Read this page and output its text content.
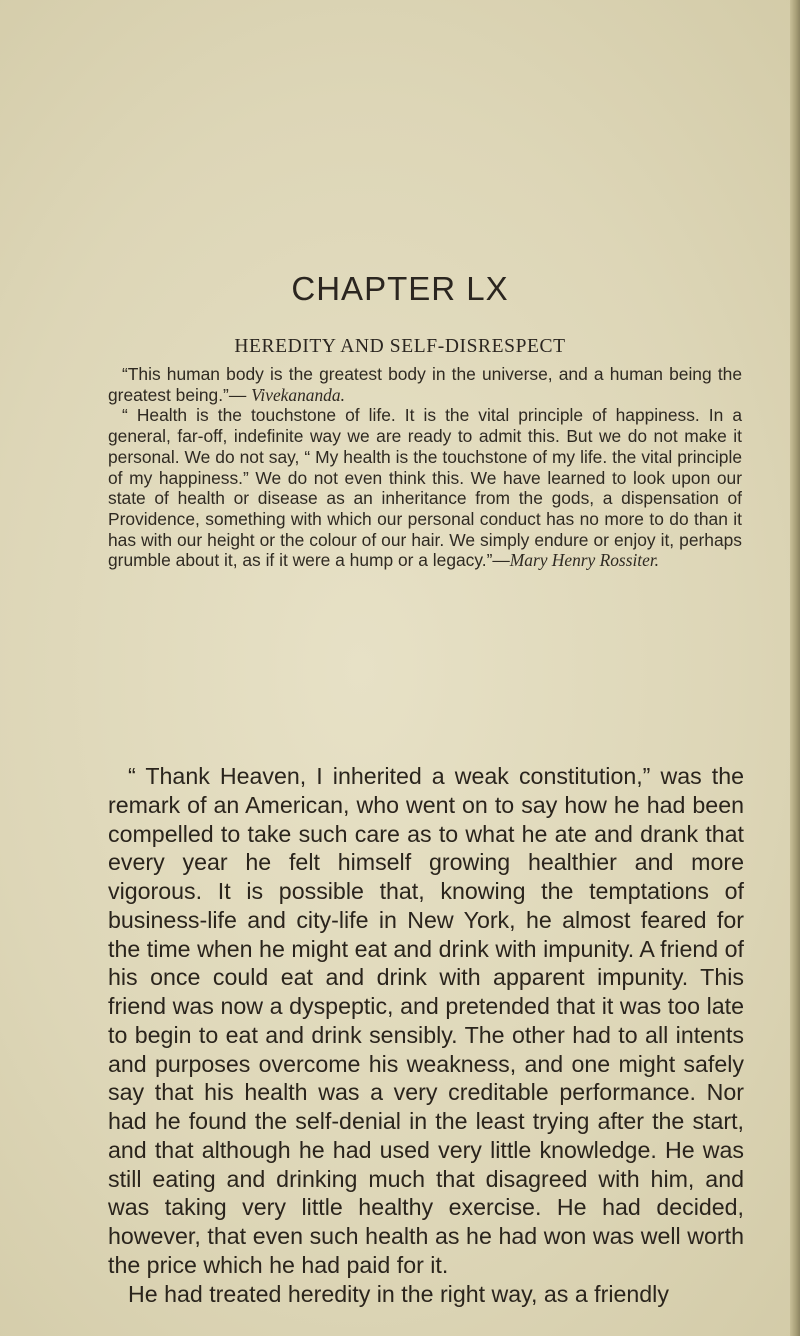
CHAPTER LX
HEREDITY AND SELF-DISRESPECT

“This human body is the greatest body in the universe, and a human being the greatest being.”— Vivekananda.

“ Health is the touchstone of life. It is the vital principle of happiness. In a general, far-off, indefinite way we are ready to admit this. But we do not make it personal. We do not say, “ My health is the touchstone of my life. the vital principle of my happiness.” We do not even think this. We have learned to look upon our state of health or disease as an inheritance from the gods, a dispensation of Providence, something with which our personal conduct has no more to do than it has with our height or the colour of our hair. We simply endure or enjoy it, perhaps grumble about it, as if it were a hump or a legacy.”—Mary Henry Rossiter.

“ Thank Heaven, I inherited a weak constitution,” was the remark of an American, who went on to say how he had been compelled to take such care as to what he ate and drank that every year he felt himself growing healthier and more vigorous. It is possible that, knowing the temptations of business-life and city-life in New York, he almost feared for the time when he might eat and drink with impunity. A friend of his once could eat and drink with apparent impunity. This friend was now a dyspeptic, and pretended that it was too late to begin to eat and drink sensibly. The other had to all intents and purposes overcome his weakness, and one might safely say that his health was a very creditable performance. Nor had he found the self-denial in the least trying after the start, and that although he had used very little knowledge. He was still eating and drinking much that disagreed with him, and was taking very little healthy exercise. He had decided, however, that even such health as he had won was well worth the price which he had paid for it.

He had treated heredity in the right way, as a friendly
